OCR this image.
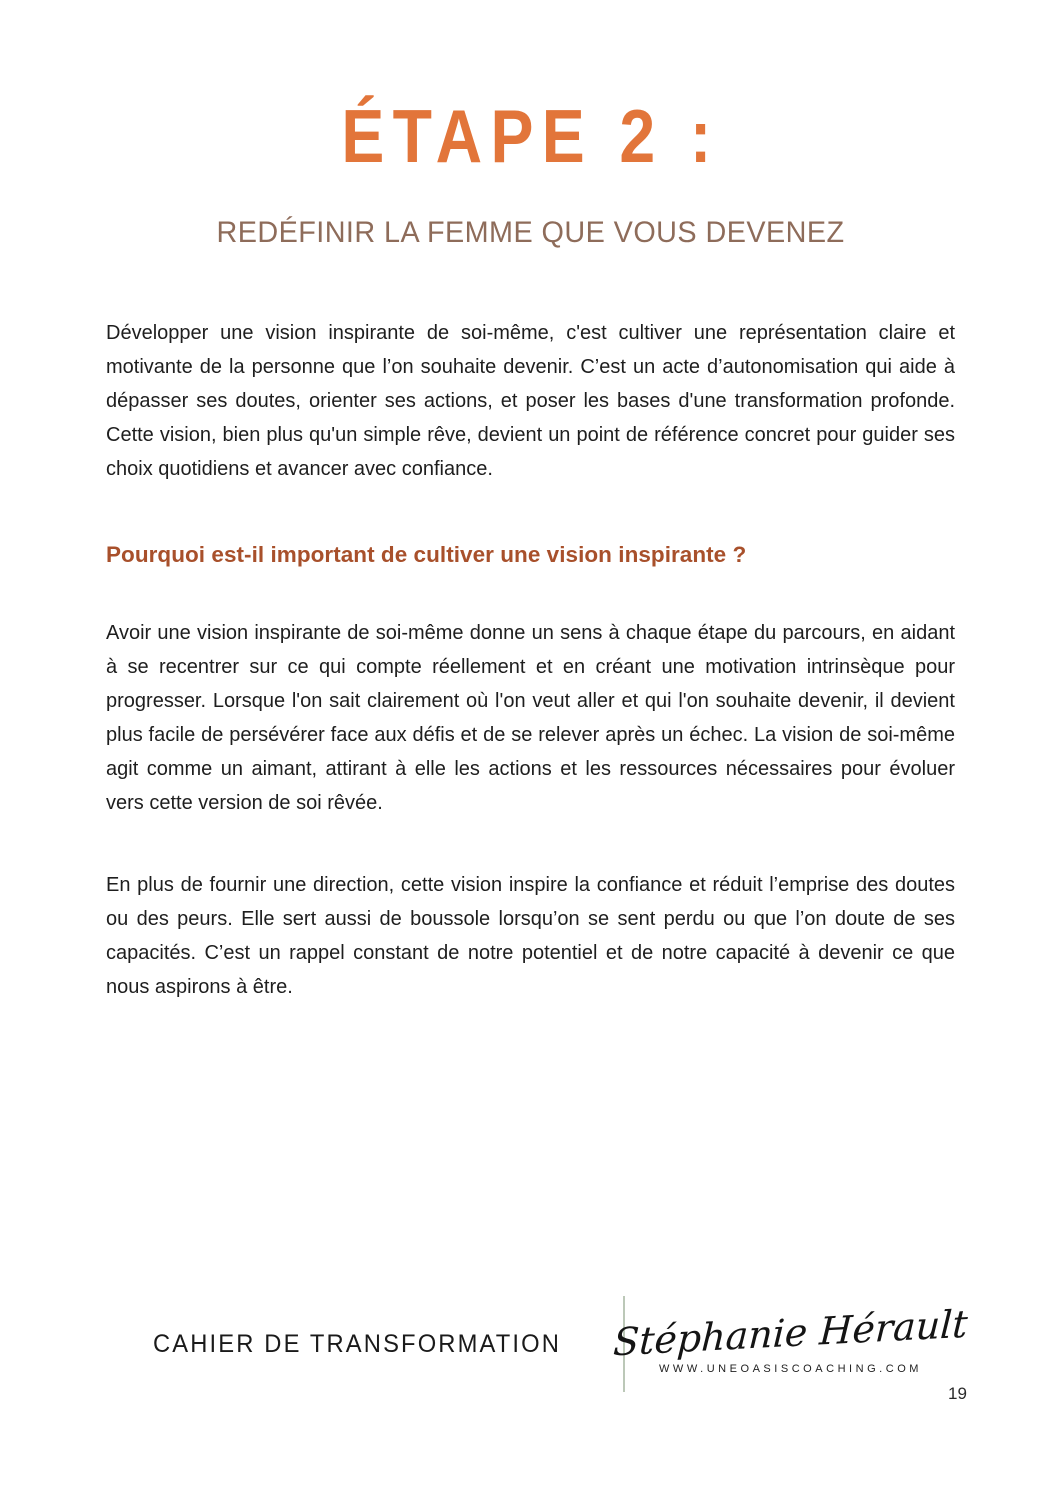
ÉTAPE 2 :
REDÉFINIR LA FEMME QUE VOUS DEVENEZ

Développer une vision inspirante de soi-même, c'est cultiver une représentation claire et motivante de la personne que l’on souhaite devenir. C’est un acte d’autonomisation qui aide à dépasser ses doutes, orienter ses actions, et poser les bases d'une transformation profonde. Cette vision, bien plus qu'un simple rêve, devient un point de référence concret pour guider ses choix quotidiens et avancer avec confiance.

Pourquoi est-il important de cultiver une vision inspirante ?

Avoir une vision inspirante de soi-même donne un sens à chaque étape du parcours, en aidant à se recentrer sur ce qui compte réellement et en créant une motivation intrinsèque pour progresser. Lorsque l'on sait clairement où l'on veut aller et qui l'on souhaite devenir, il devient plus facile de persévérer face aux défis et de se relever après un échec. La vision de soi-même agit comme un aimant, attirant à elle les actions et les ressources nécessaires pour évoluer vers cette version de soi rêvée.

En plus de fournir une direction, cette vision inspire la confiance et réduit l’emprise des doutes ou des peurs. Elle sert aussi de boussole lorsqu’on se sent perdu ou que l’on doute de ses capacités. C’est un rappel constant de notre potentiel et de notre capacité à devenir ce que nous aspirons à être.

CAHIER DE TRANSFORMATION Stéphanie Hérault
WWW.UNEOASISCOACHING.COM
19
